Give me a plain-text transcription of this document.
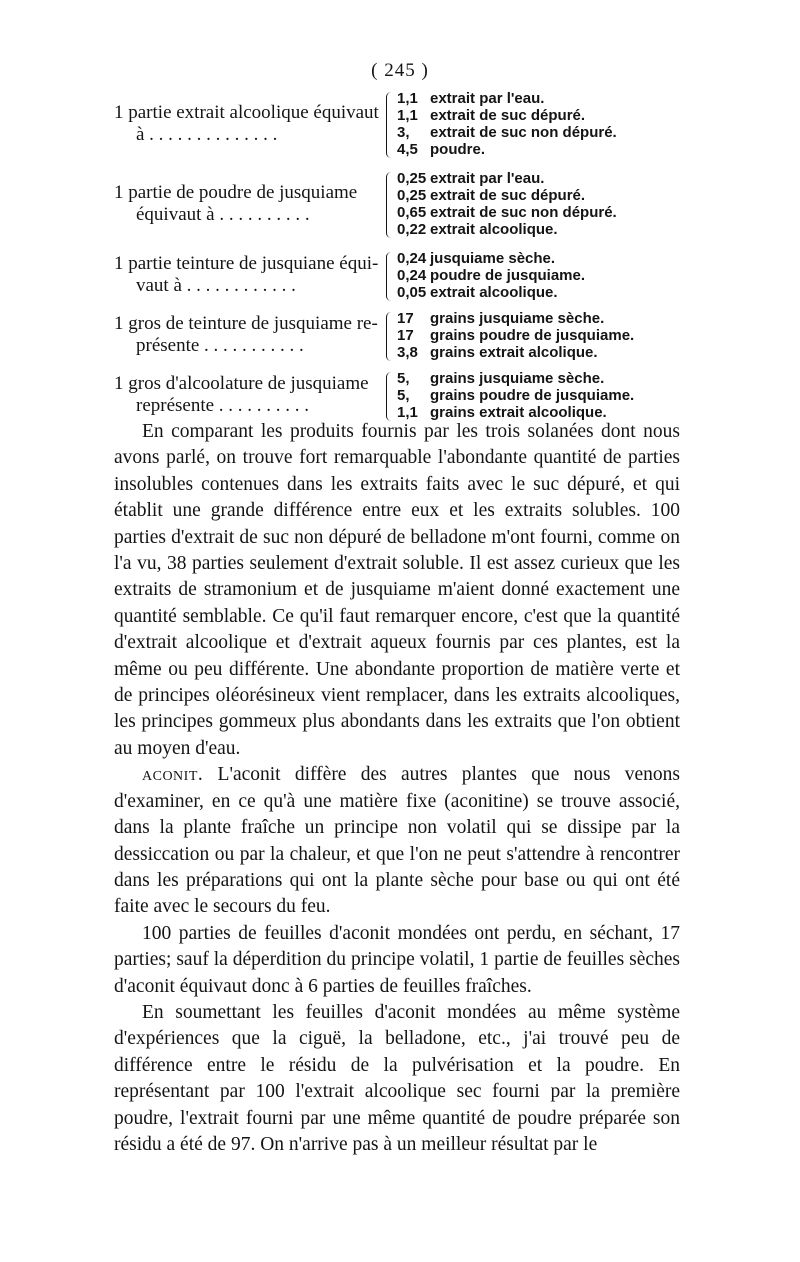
( 245 )
1 partie extrait alcoolique équivaut
à . . . . . . . . . . . . . .
1,1 extrait par l'eau.
1,1 extrait de suc dépuré.
3, extrait de suc non dépuré.
4,5 poudre.
1 partie de poudre de jusquiame
équivaut à . . . . . . . . . .
0,25 extrait par l'eau.
0,25 extrait de suc dépuré.
0,65 extrait de suc non dépuré.
0,22 extrait alcoolique.
1 partie teinture de jusquiane équi-
vaut à . . . . . . . . . . . .
0,24 jusquiame sèche.
0,24 poudre de jusquiame.
0,05 extrait alcoolique.
1 gros de teinture de jusquiame re-
présente . . . . . . . . . . .
17 grains jusquiame sèche.
17 grains poudre de jusquiame.
3,8 grains extrait alcolique.
1 gros d'alcoolature de jusquiame
représente . . . . . . . . . .
5, grains jusquiame sèche.
5, grains poudre de jusquiame.
1,1 grains extrait alcoolique.

En comparant les produits fournis par les trois solanées dont nous avons parlé, on trouve fort remarquable l'abondante quantité de parties insolubles contenues dans les extraits faits avec le suc dépuré, et qui établit une grande différence entre eux et les extraits solubles. 100 parties d'extrait de suc non dépuré de belladone m'ont fourni, comme on l'a vu, 38 parties seulement d'extrait soluble. Il est assez curieux que les extraits de stramonium et de jusquiame m'aient donné exactement une quantité semblable. Ce qu'il faut remarquer encore, c'est que la quantité d'extrait alcoolique et d'extrait aqueux fournis par ces plantes, est la même ou peu différente. Une abondante proportion de matière verte et de principes oléorésineux vient remplacer, dans les extraits alcooliques, les principes gommeux plus abondants dans les extraits que l'on obtient au moyen d'eau.

aconit. L'aconit diffère des autres plantes que nous venons d'examiner, en ce qu'à une matière fixe (aconitine) se trouve associé, dans la plante fraîche un principe non volatil qui se dissipe par la dessiccation ou par la chaleur, et que l'on ne peut s'attendre à rencontrer dans les préparations qui ont la plante sèche pour base ou qui ont été faite avec le secours du feu.

100 parties de feuilles d'aconit mondées ont perdu, en séchant, 17 parties; sauf la déperdition du principe volatil, 1 partie de feuilles sèches d'aconit équivaut donc à 6 parties de feuilles fraîches.

En soumettant les feuilles d'aconit mondées au même système d'expériences que la ciguë, la belladone, etc., j'ai trouvé peu de différence entre le résidu de la pulvérisation et la poudre. En représentant par 100 l'extrait alcoolique sec fourni par la première poudre, l'extrait fourni par une même quantité de poudre préparée son résidu a été de 97. On n'arrive pas à un meilleur résultat par le
